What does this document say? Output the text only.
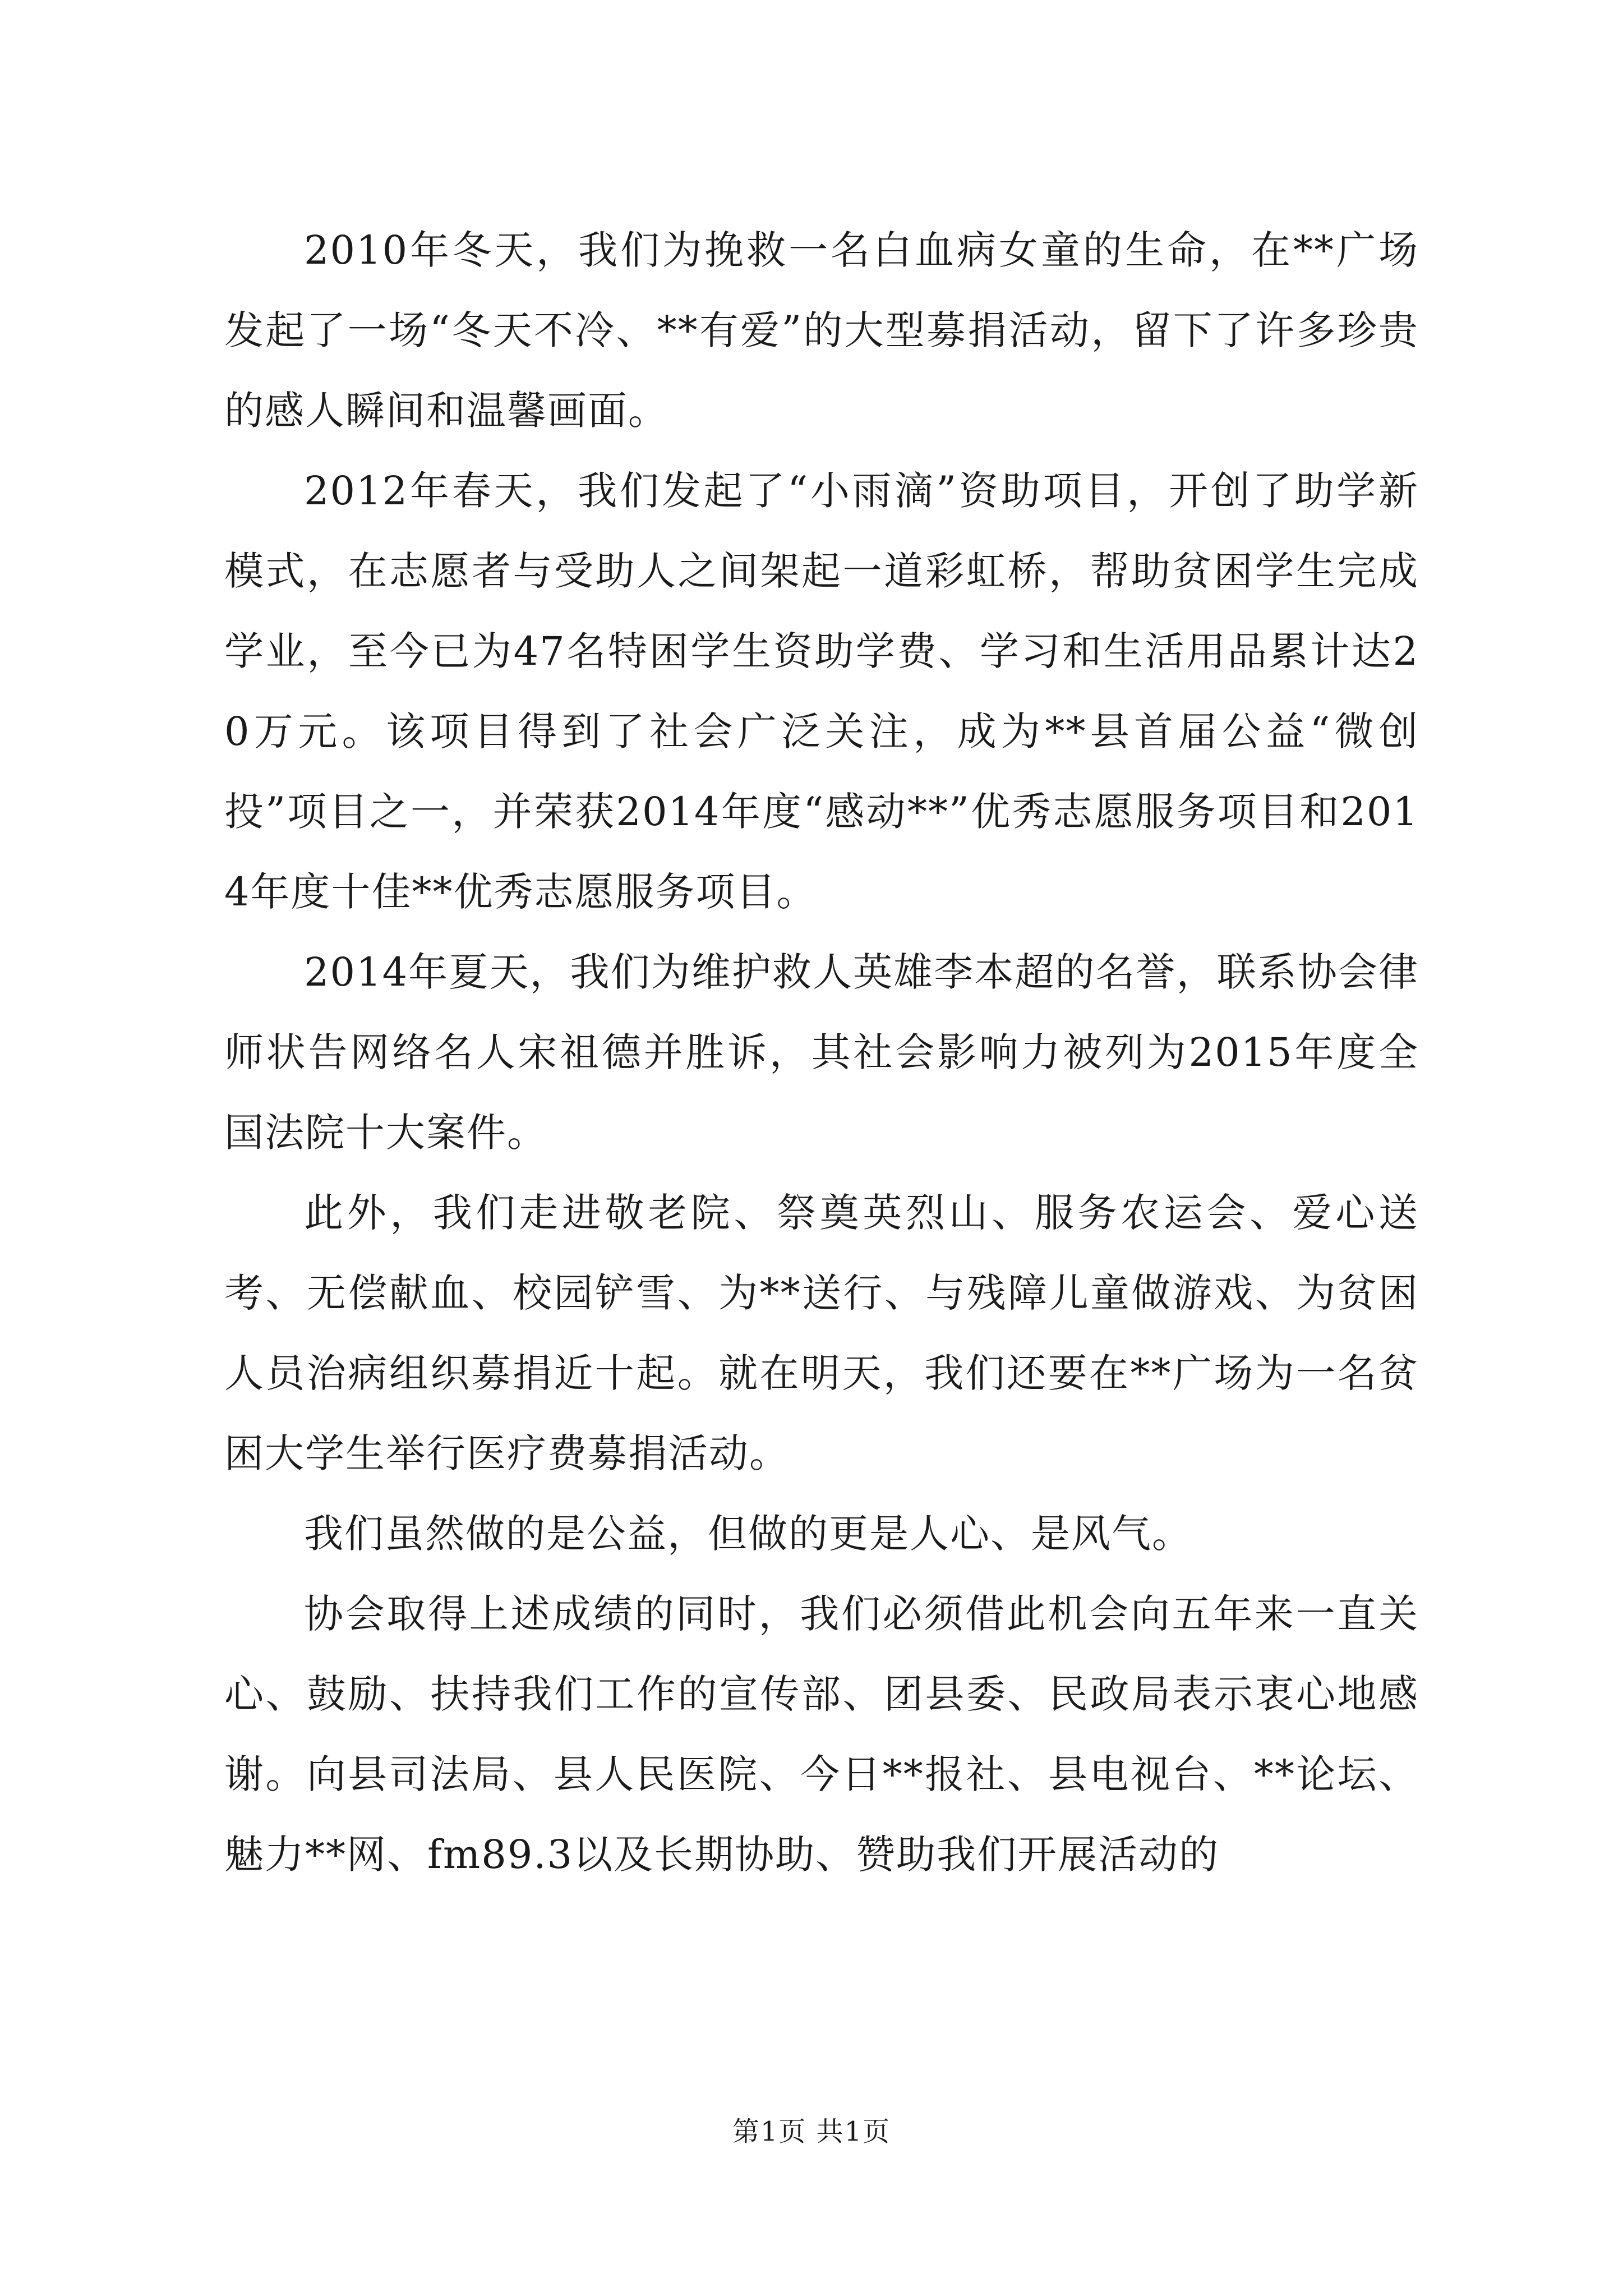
2010年冬天，我们为挽救一名白血病女童的生命，在**广场发起了一场“冬天不冷、**有爱”的大型募捐活动，留下了许多珍贵的感人瞬间和温馨画面。

2012年春天，我们发起了“小雨滴”资助项目，开创了助学新模式，在志愿者与受助人之间架起一道彩虹桥，帮助贫困学生完成学业，至今已为47名特困学生资助学费、学习和生活用品累计达20万元。该项目得到了社会广泛关注，成为**县首届公益“微创投”项目之一，并荣获2014年度“感动**”优秀志愿服务项目和2014年度十佳**优秀志愿服务项目。

2014年夏天，我们为维护救人英雄李本超的名誉，联系协会律师状告网络名人宋祖德并胜诉，其社会影响力被列为2015年度全国法院十大案件。

此外，我们走进敬老院、祭奠英烈山、服务农运会、爱心送考、无偿献血、校园铲雪、为**送行、与残障儿童做游戏、为贫困人员治病组织募捐近十起。就在明天，我们还要在**广场为一名贫困大学生举行医疗费募捐活动。

我们虽然做的是公益，但做的更是人心、是风气。

协会取得上述成绩的同时，我们必须借此机会向五年来一直关心、鼓励、扶持我们工作的宣传部、团县委、民政局表示衷心地感谢。向县司法局、县人民医院、今日**报社、县电视台、**论坛、魅力**网、fm89.3以及长期协助、赞助我们开展活动的

第1页 共1页
